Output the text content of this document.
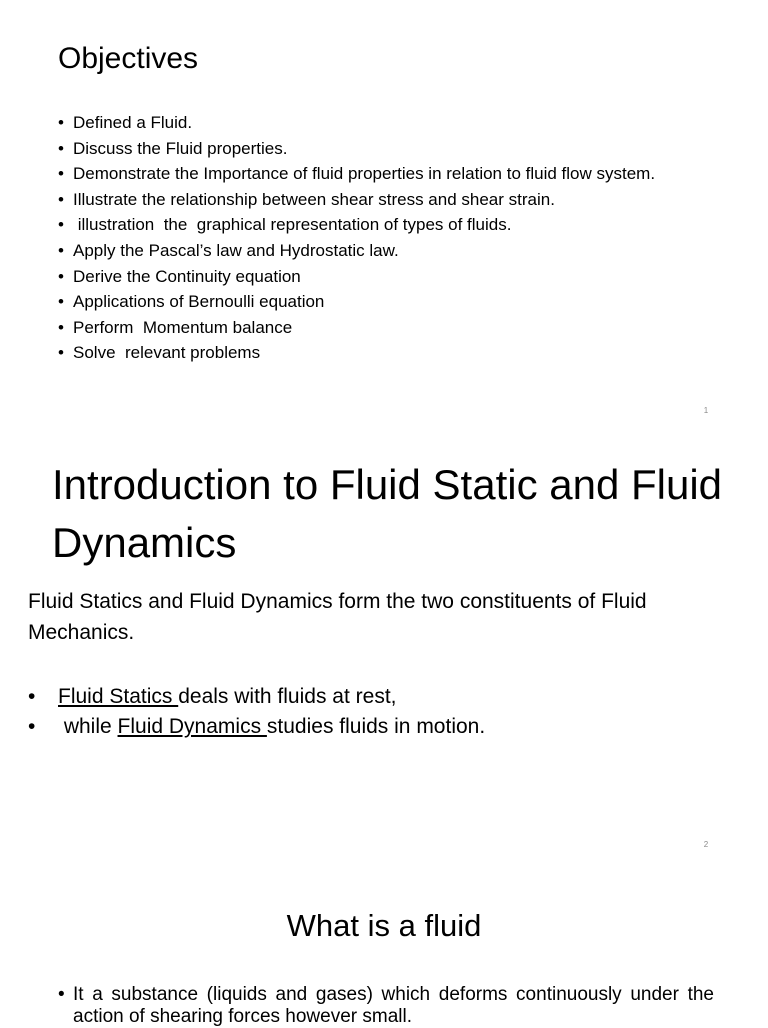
Objectives
• Defined a Fluid.
• Discuss the Fluid properties.
• Demonstrate the Importance of fluid properties in relation to fluid flow system.
• Illustrate the relationship between shear stress and shear strain.
•  illustration  the  graphical representation of types of fluids.
• Apply the Pascal’s law and Hydrostatic law.
• Derive the Continuity equation
• Applications of Bernoulli equation
• Perform  Momentum balance
• Solve  relevant problems
1
Introduction to Fluid Static and Fluid Dynamics

Fluid Statics and Fluid Dynamics form the two constituents of Fluid Mechanics.

• Fluid Statics deals with fluids at rest,
•  while Fluid Dynamics studies fluids in motion.
2
What is a fluid
• It a substance (liquids and gases) which deforms continuously under the action of shearing forces however small.
